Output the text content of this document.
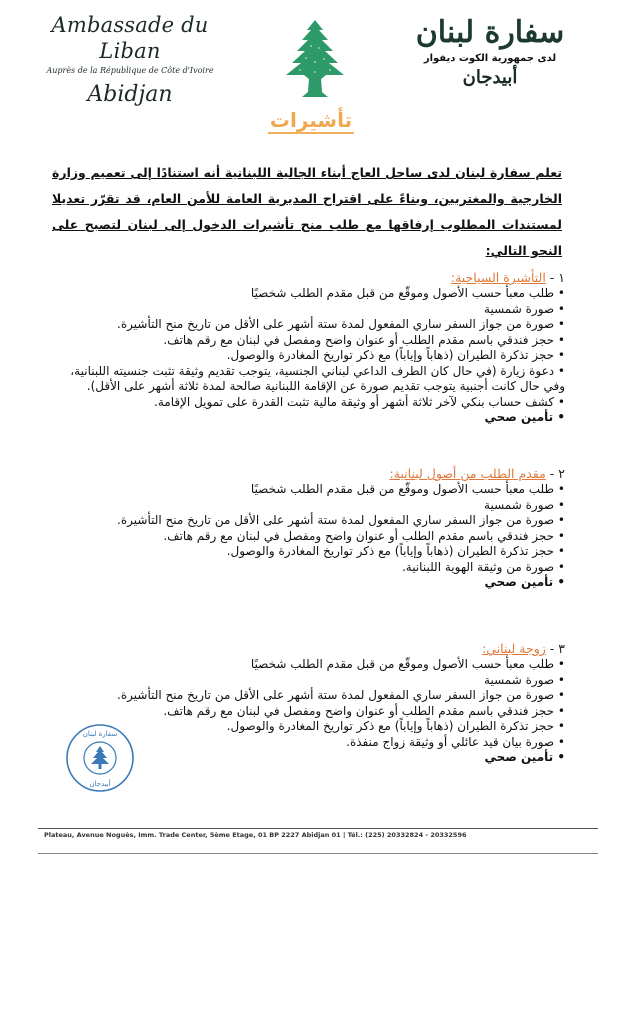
Ambassade du Liban
Auprès de la République de Côte d'Ivoire
Abidjan
سفارة لبنان
لدى جمهورية الكوت ديفوار
أبيدجان
تأشيرات
تعلم سفارة لبنان لدى ساحل العاج أبناء الجالية اللبنانية أنه استنادًا إلى تعميم وزارة الخارجية والمغتربين، وبناءً على اقتراح المديرية العامة للأمن العام، قد تقرّر تعديلا لمستندات المطلوب إرفاقها مع طلب منح تأشيرات الدخول إلى لبنان لتصبح على النحو التالي:
١ - التأشيرة السياحية:
• طلب معبأ حسب الأصول وموقّع من قبل مقدم الطلب شخصيًا
• صورة شمسية
• صورة من جواز السفر ساري المفعول لمدة ستة أشهر على الأقل من تاريخ منح التأشيرة.
• حجز فندقي باسم مقدم الطلب أو عنوان واضح ومفصل في لبنان مع رقم هاتف.
• حجز تذكرة الطيران (ذهاباً وإياباً) مع ذكر تواريخ المغادرة والوصول.
• دعوة زيارة (في حال كان الطرف الداعي لبناني الجنسية، يتوجب تقديم وثيقة تثبت جنسيته اللبنانية، وفي حال كانت أجنبية يتوجب تقديم صورة عن الإقامة اللبنانية صالحة لمدة ثلاثة أشهر على الأقل).
• كشف حساب بنكي لآخر ثلاثة أشهر أو وثيقة مالية تثبت القدرة على تمويل الإقامة.
• تأمين صحي
٢ - مقدم الطلب من أصول لبنانية:
• طلب معبأ حسب الأصول وموقّع من قبل مقدم الطلب شخصيًا
• صورة شمسية
• صورة من جواز السفر ساري المفعول لمدة ستة أشهر على الأقل من تاريخ منح التأشيرة.
• حجز فندقي باسم مقدم الطلب أو عنوان واضح ومفصل في لبنان مع رقم هاتف.
• حجز تذكرة الطيران (ذهاباً وإياباً) مع ذكر تواريخ المغادرة والوصول.
• صورة من وثيقة الهوية اللبنانية.
• تأمين صحي
٣ - زوجة لبناني:
• طلب معبأ حسب الأصول وموقّع من قبل مقدم الطلب شخصيًا
• صورة شمسية
• صورة من جواز السفر ساري المفعول لمدة ستة أشهر على الأقل من تاريخ منح التأشيرة.
• حجز فندقي باسم مقدم الطلب أو عنوان واضح ومفصل في لبنان مع رقم هاتف.
• حجز تذكرة الطيران (ذهاباً وإياباً) مع ذكر تواريخ المغادرة والوصول.
• صورة بيان قيد عائلي أو وثيقة زواج منفذة.
• تأمين صحي
سفارة لبنان
أبيدجان
Plateau, Avenue Noguès, Imm. Trade Center, 5ème Etage, 01 BP 2227 Abidjan 01 | Tél.: (225) 20332824 - 20332596
